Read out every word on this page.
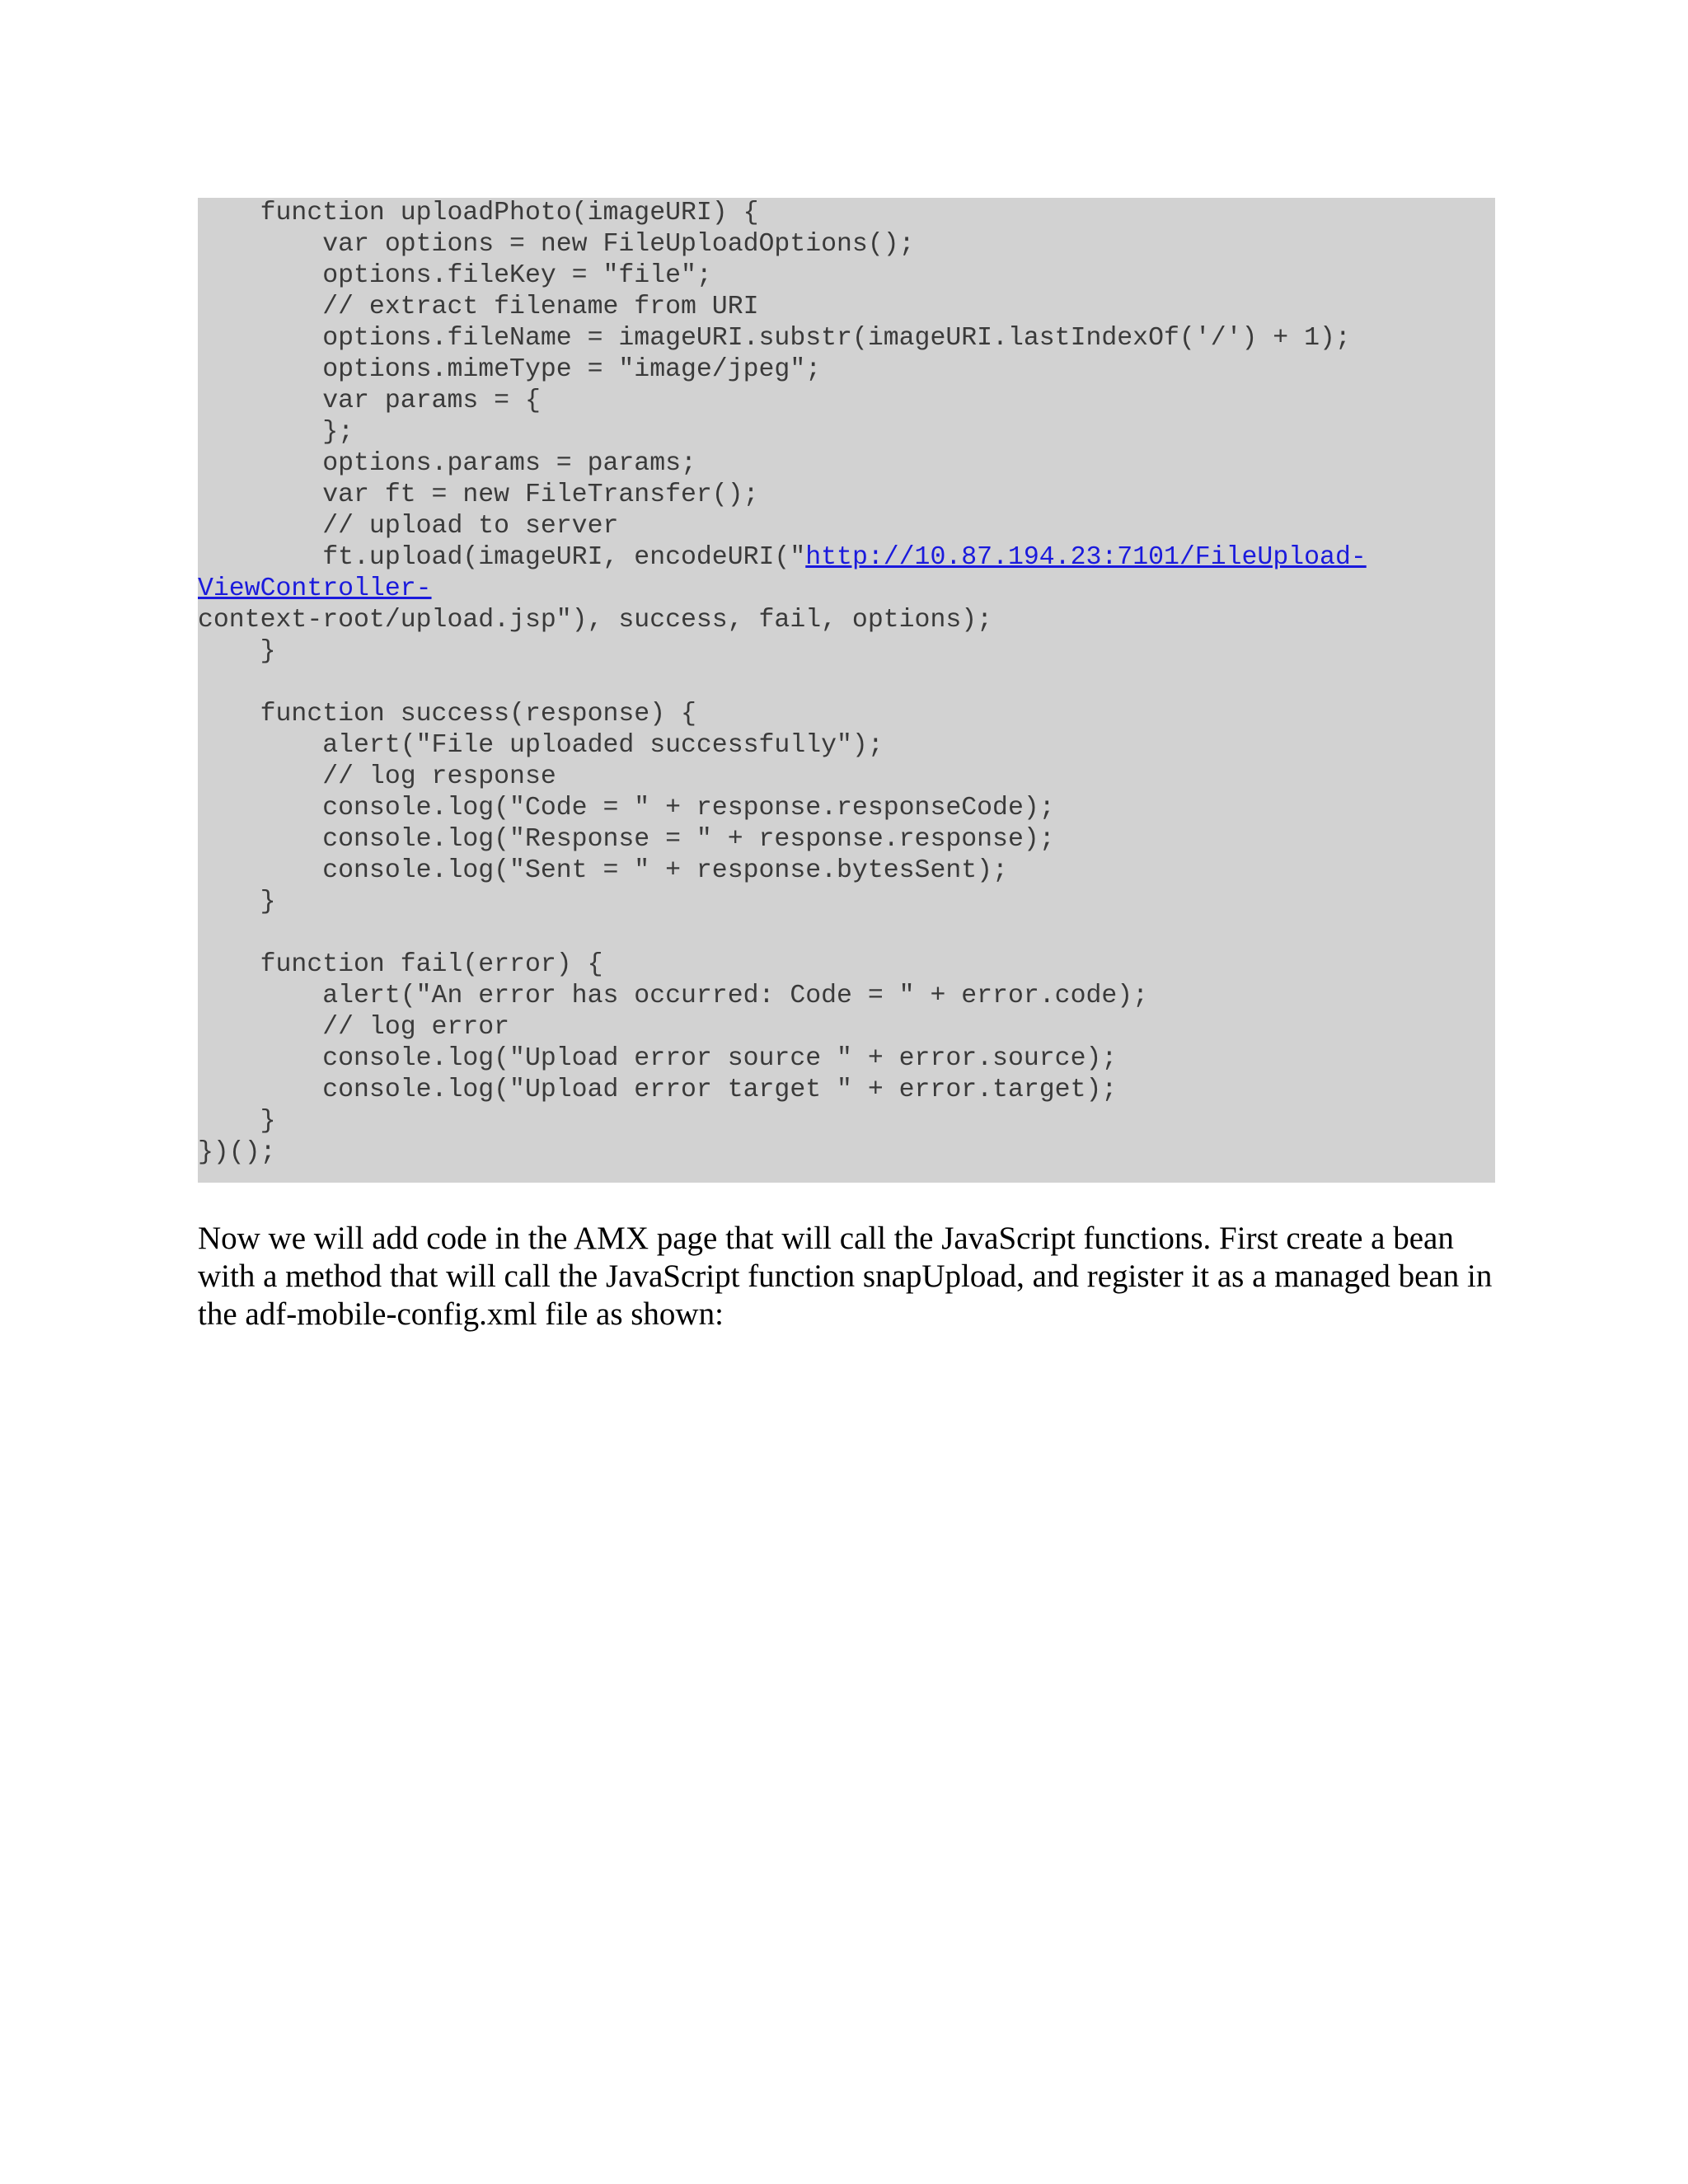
function uploadPhoto(imageURI) {
var options = new FileUploadOptions();
options.fileKey = "file";
// extract filename from URI
options.fileName = imageURI.substr(imageURI.lastIndexOf('/') + 1);
options.mimeType = "image/jpeg";
var params = {
};
options.params = params;
var ft = new FileTransfer();
// upload to server
ft.upload(imageURI, encodeURI("http://10.87.194.23:7101/FileUpload-
ViewController-
context-root/upload.jsp"), success, fail, options);
}
function success(response) {
alert("File uploaded successfully");
// log response
console.log("Code = " + response.responseCode);
console.log("Response = " + response.response);
console.log("Sent = " + response.bytesSent);
}
function fail(error) {
alert("An error has occurred: Code = " + error.code);
// log error
console.log("Upload error source " + error.source);
console.log("Upload error target " + error.target);
}
})();

Now we will add code in the AMX page that will call the JavaScript functions. First create a bean with a method that will call the JavaScript function snapUpload, and register it as a managed bean in the adf-mobile-config.xml file as shown:
